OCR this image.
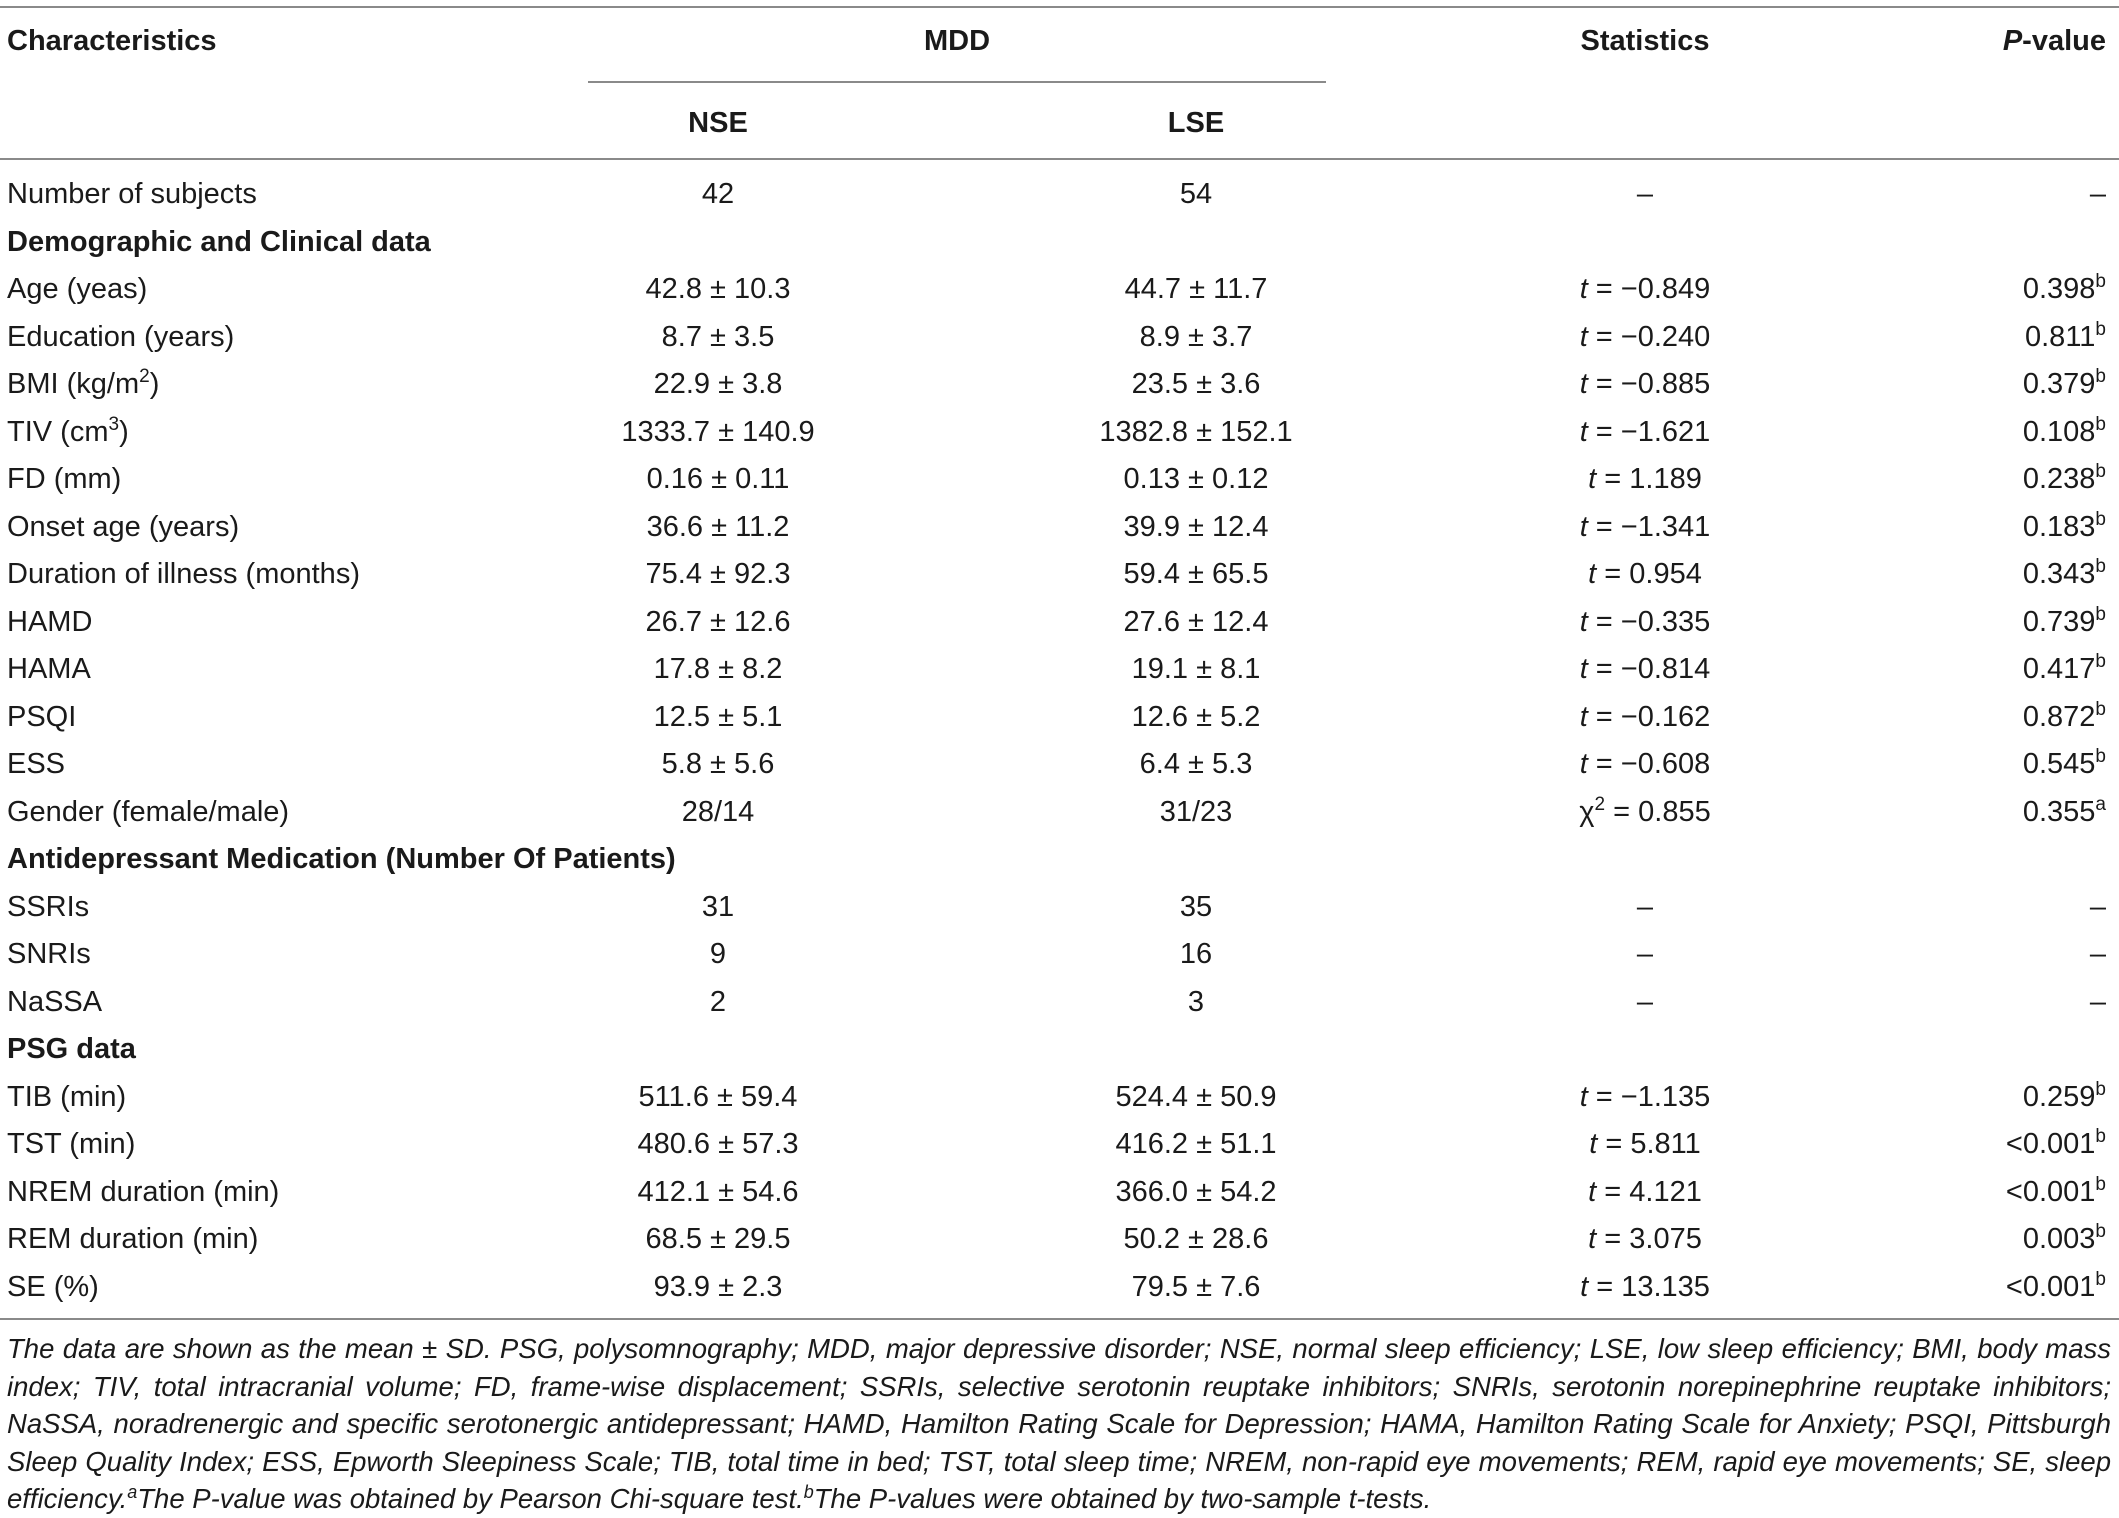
Characteristics	MDD	Statistics	P-value
NSE	LSE
Number of subjects	42	54	–	–
Demographic and Clinical data
Age (yeas)	42.8 ± 10.3	44.7 ± 11.7	t = −0.849	0.398$^b$
Education (years)	8.7 ± 3.5	8.9 ± 3.7	t = −0.240	0.811$^b$
BMI $(kg/m^2)$	22.9 ± 3.8	23.5 ± 3.6	t = −0.885	0.379$^b$
TIV $(cm^3)$	1333.7 ± 140.9	1382.8 ± 152.1	t = −1.621	0.108$^b$
FD (mm)	0.16 ± 0.11	0.13 ± 0.12	t = 1.189	0.238$^b$
Onset age (years)	36.6 ± 11.2	39.9 ± 12.4	t = −1.341	0.183$^b$
Duration of illness (months)	75.4 ± 92.3	59.4 ± 65.5	t = 0.954	0.343$^b$
HAMD	26.7 ± 12.6	27.6 ± 12.4	t = −0.335	0.739$^b$
HAMA	17.8 ± 8.2	19.1 ± 8.1	t = −0.814	0.417$^b$
PSQI	12.5 ± 5.1	12.6 ± 5.2	t = −0.162	0.872$^b$
ESS	5.8 ± 5.6	6.4 ± 5.3	t = −0.608	0.545$^b$
Gender (female/male)	28/14	31/23	$\chi^2 = 0.855$	0.355$^a$
Antidepressant Medication (Number Of Patients)
SSRIs	31	35	–	–
SNRIs	9	16	–	–
NaSSA	2	3	–	–
PSG data
TIB (min)	511.6 ± 59.4	524.4 ± 50.9	t = −1.135	0.259$^b$
TST (min)	480.6 ± 57.3	416.2 ± 51.1	t = 5.811	<0.001$^b$
NREM duration (min)	412.1 ± 54.6	366.0 ± 54.2	t = 4.121	<0.001$^b$
REM duration (min)	68.5 ± 29.5	50.2 ± 28.6	t = 3.075	0.003$^b$
SE (%)	93.9 ± 2.3	79.5 ± 7.6	t = 13.135	<0.001$^b$
The data are shown as the mean ± SD. PSG, polysomnography; MDD, major depressive disorder; NSE, normal sleep efficiency; LSE, low sleep efficiency; BMI, body mass index; TIV, total intracranial volume; FD, frame-wise displacement; SSRIs, selective serotonin reuptake inhibitors; SNRIs, serotonin norepinephrine reuptake inhibitors; NaSSA, noradrenergic and specific serotonergic antidepressant; HAMD, Hamilton Rating Scale for Depression; HAMA, Hamilton Rating Scale for Anxiety; PSQI, Pittsburgh Sleep Quality Index; ESS, Epworth Sleepiness Scale; TIB, total time in bed; TST, total sleep time; NREM, non-rapid eye movements; REM, rapid eye movements; SE, sleep efficiency.$^a$The P-value was obtained by Pearson Chi-square test.$^b$The P-values were obtained by two-sample t-tests.
